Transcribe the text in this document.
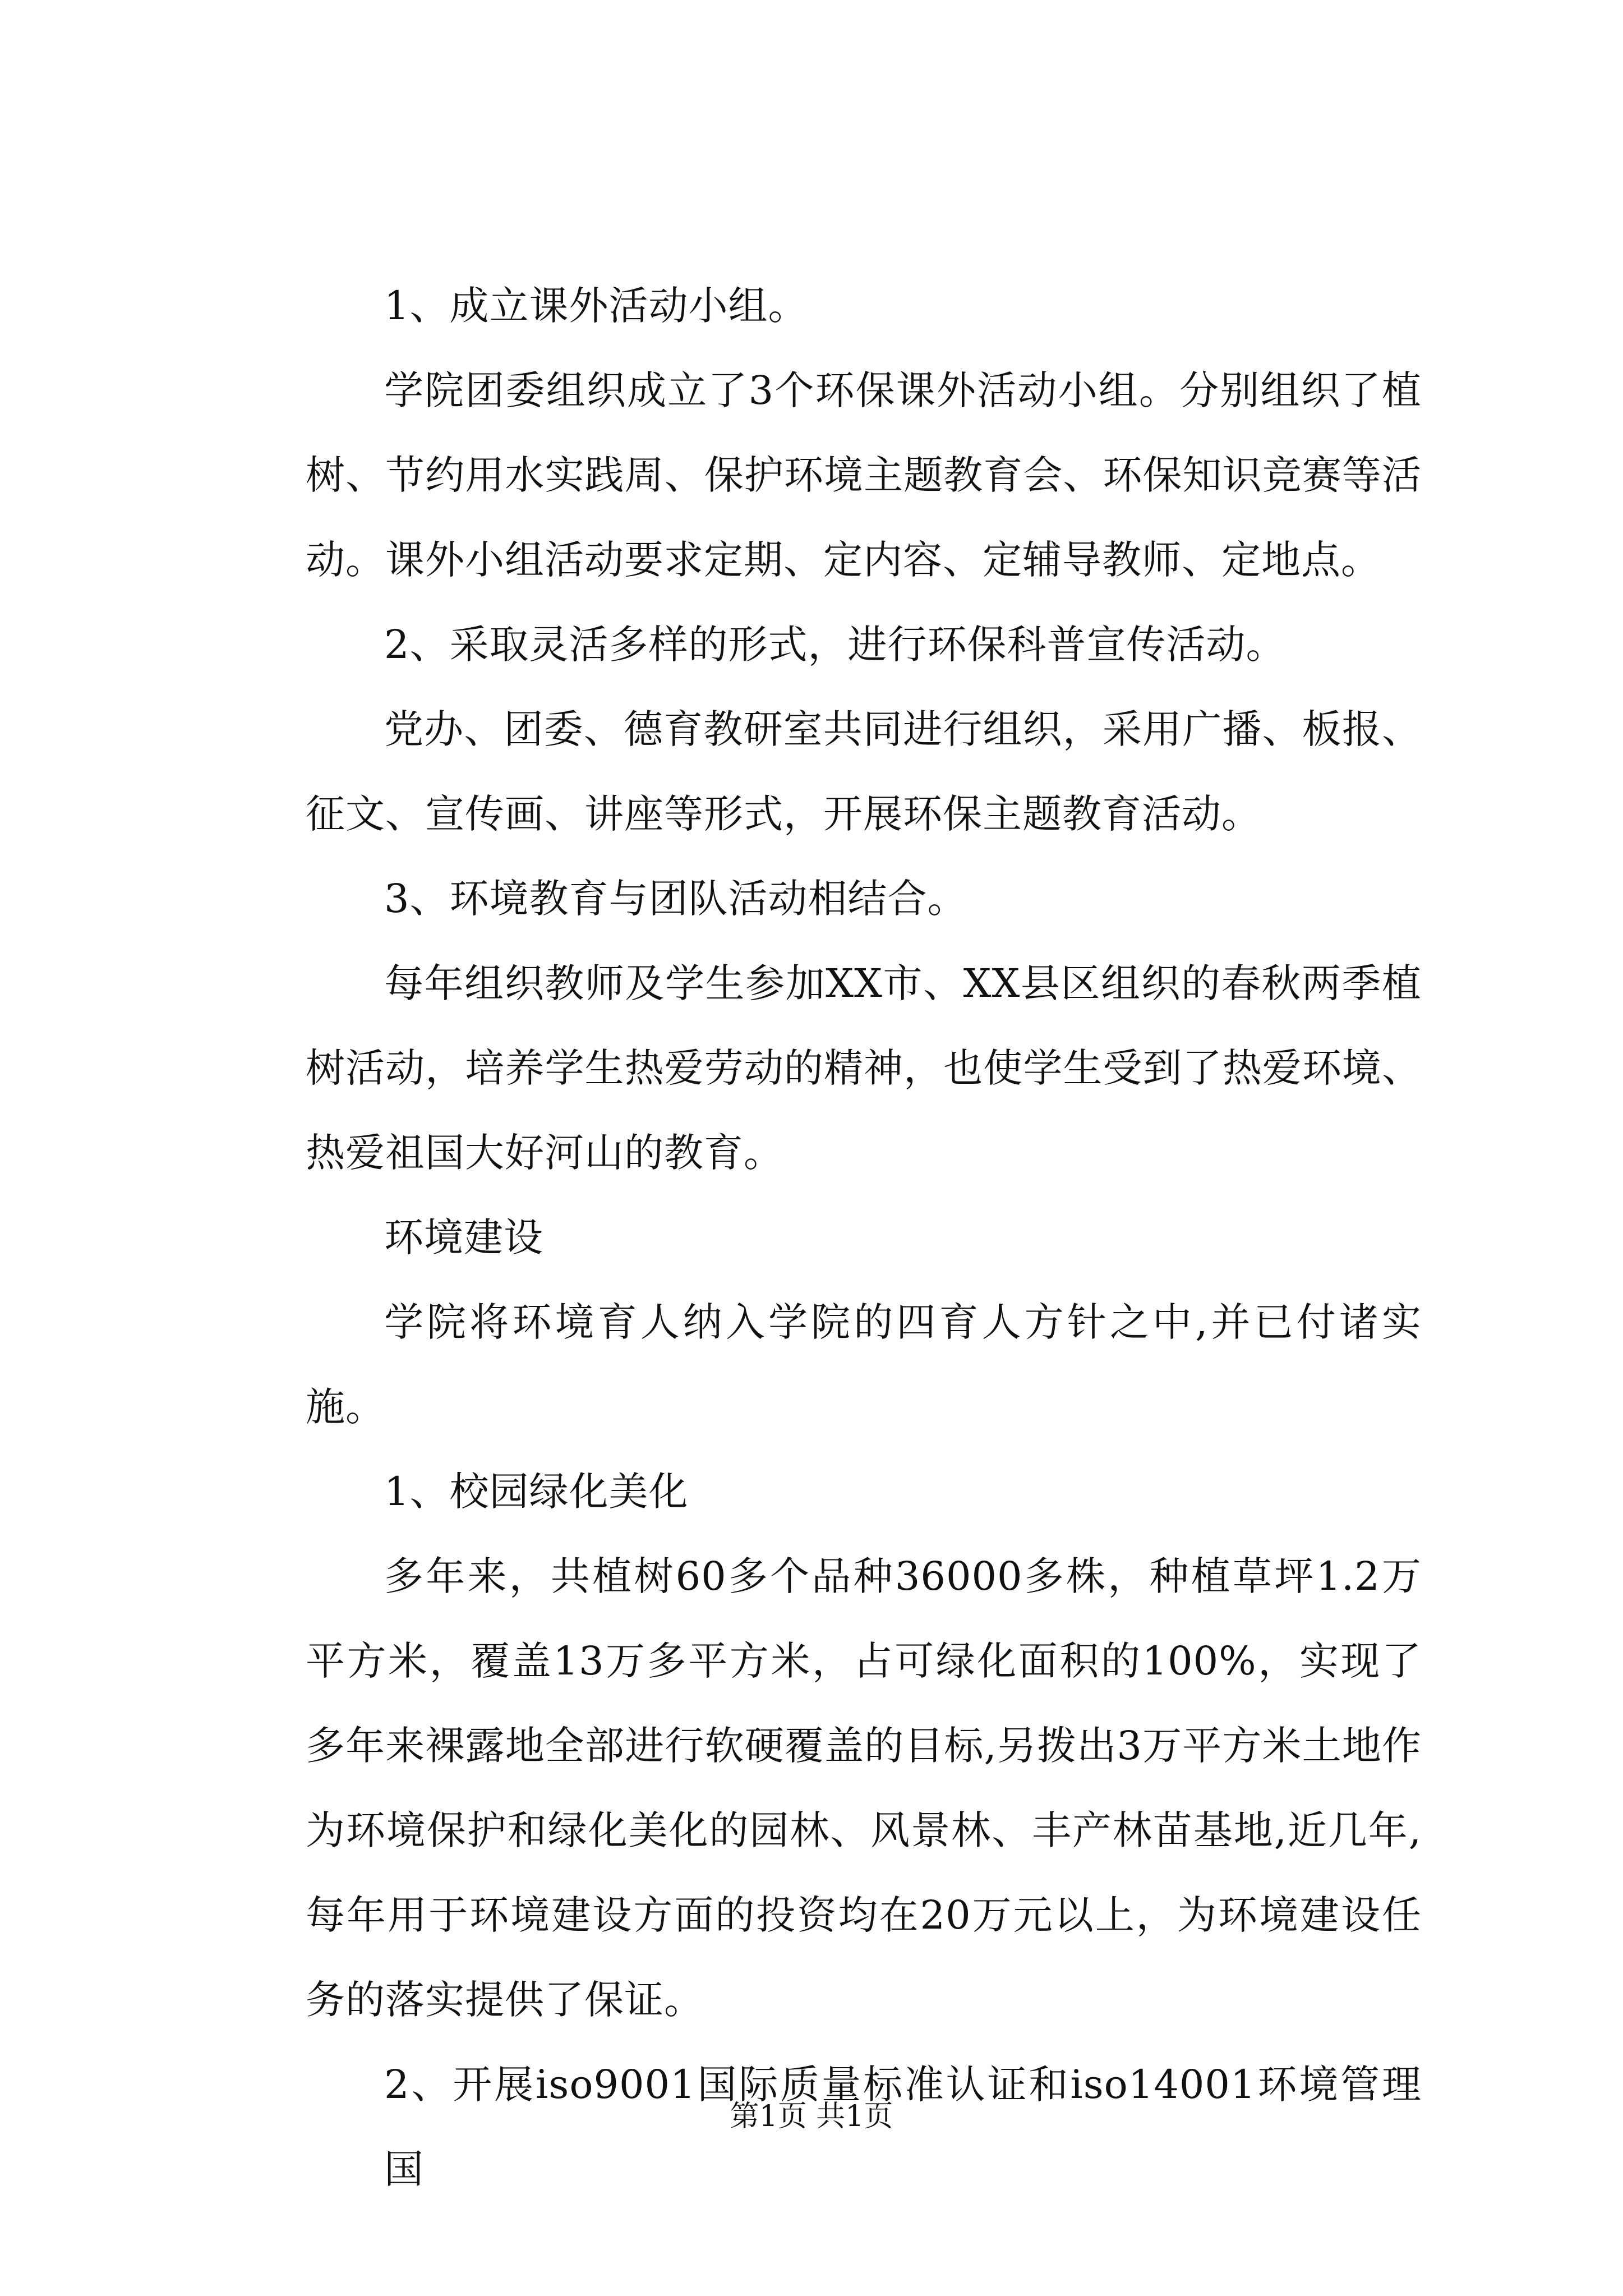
1、成立课外活动小组。

学院团委组织成立了3个环保课外活动小组。分别组织了植树、节约用水实践周、保护环境主题教育会、环保知识竞赛等活动。课外小组活动要求定期、定内容、定辅导教师、定地点。

2、采取灵活多样的形式，进行环保科普宣传活动。

党办、团委、德育教研室共同进行组织，采用广播、板报、征文、宣传画、讲座等形式，开展环保主题教育活动。

3、环境教育与团队活动相结合。

每年组织教师及学生参加XX市、XX县区组织的春秋两季植树活动，培养学生热爱劳动的精神，也使学生受到了热爱环境、热爱祖国大好河山的教育。

环境建设

学院将环境育人纳入学院的四育人方针之中,并已付诸实施。

1、校园绿化美化

多年来，共植树60多个品种36000多株，种植草坪1.2万平方米，覆盖13万多平方米，占可绿化面积的100%，实现了多年来裸露地全部进行软硬覆盖的目标,另拨出3万平方米土地作为环境保护和绿化美化的园林、风景林、丰产林苗基地,近几年,每年用于环境建设方面的投资均在20万元以上，为环境建设任务的落实提供了保证。

2、开展iso9001国际质量标准认证和iso14001环境管理国

第1页 共1页
